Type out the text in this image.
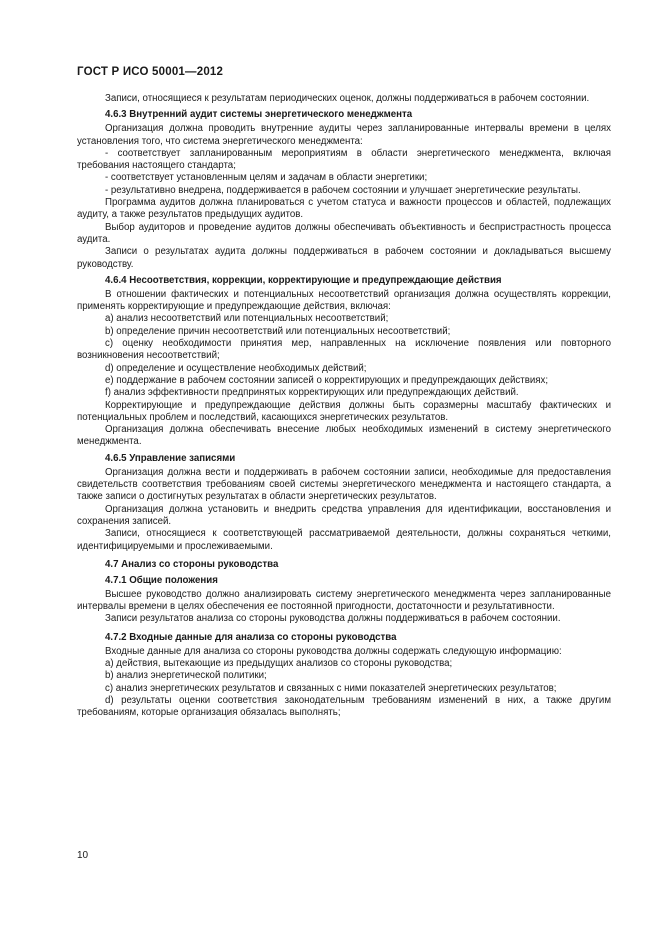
ГОСТ Р ИСО 50001—2012

Записи, относящиеся к результатам периодических оценок, должны поддерживаться в рабочем состоянии.

4.6.3 Внутренний аудит системы энергетического менеджмента

Организация должна проводить внутренние аудиты через запланированные интервалы времени в целях установления того, что система энергетического менеджмента:

- соответствует запланированным мероприятиям в области энергетического менеджмента, включая требования настоящего стандарта;

- соответствует установленным целям и задачам в области энергетики;

- результативно внедрена, поддерживается в рабочем состоянии и улучшает энергетические результаты.

Программа аудитов должна планироваться с учетом статуса и важности процессов и областей, подлежащих аудиту, а также результатов предыдущих аудитов.

Выбор аудиторов и проведение аудитов должны обеспечивать объективность и беспристрастность процесса аудита.

Записи о результатах аудита должны поддерживаться в рабочем состоянии и докладываться высшему руководству.

4.6.4 Несоответствия, коррекции, корректирующие и предупреждающие действия

В отношении фактических и потенциальных несоответствий организация должна осуществлять коррекции, применять корректирующие и предупреждающие действия, включая:

a) анализ несоответствий или потенциальных несоответствий;

b) определение причин несоответствий или потенциальных несоответствий;

c) оценку необходимости принятия мер, направленных на исключение появления или повторного возникновения несоответствий;

d) определение и осуществление необходимых действий;

e) поддержание в рабочем состоянии записей о корректирующих и предупреждающих действиях;

f) анализ эффективности предпринятых корректирующих или предупреждающих действий.

Корректирующие и предупреждающие действия должны быть соразмерны масштабу фактических и потенциальных проблем и последствий, касающихся энергетических результатов.

Организация должна обеспечивать внесение любых необходимых изменений в систему энергетического менеджмента.

4.6.5 Управление записями

Организация должна вести и поддерживать в рабочем состоянии записи, необходимые для предоставления свидетельств соответствия требованиям своей системы энергетического менеджмента и настоящего стандарта, а также записи о достигнутых результатах в области энергетических результатов.

Организация должна установить и внедрить средства управления для идентификации, восстановления и сохранения записей.

Записи, относящиеся к соответствующей рассматриваемой деятельности, должны сохраняться четкими, идентифицируемыми и прослеживаемыми.

4.7 Анализ со стороны руководства
4.7.1 Общие положения

Высшее руководство должно анализировать систему энергетического менеджмента через запланированные интервалы времени в целях обеспечения ее постоянной пригодности, достаточности и результативности.

Записи результатов анализа со стороны руководства должны поддерживаться в рабочем состоянии.

4.7.2 Входные данные для анализа со стороны руководства

Входные данные для анализа со стороны руководства должны содержать следующую информацию:

a) действия, вытекающие из предыдущих анализов со стороны руководства;

b) анализ энергетической политики;

c) анализ энергетических результатов и связанных с ними показателей энергетических результатов;

d) результаты оценки соответствия законодательным требованиям изменений в них, а также другим требованиям, которые организация обязалась выполнять;

10
